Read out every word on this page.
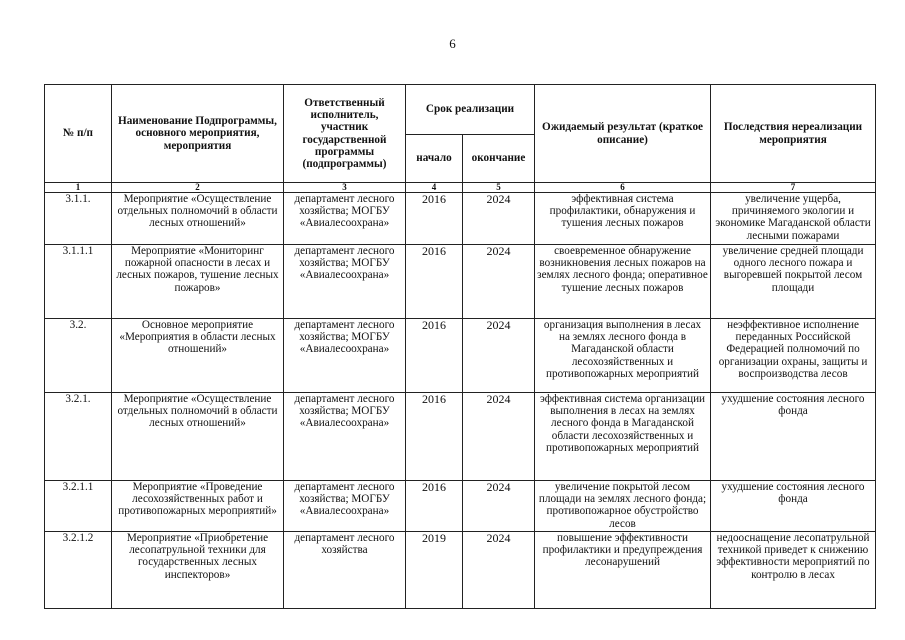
6
№ п/п	Наименование Подпрограммы, основного мероприятия, мероприятия	Ответственный исполнитель, участник государственной программы (подпрограммы)	Срок реализации		Ожидаемый результат (краткое описание)	Последствия нереализации мероприятия
			начало	окончание		
1	2	3	4	5	6	7
3.1.1.	Мероприятие «Осуществление отдельных полномочий в области лесных отношений»	департамент лесного хозяйства; МОГБУ «Авиалесоохрана»	2016	2024	эффективная система профилактики, обнаружения и тушения лесных пожаров	увеличение ущерба, причиняемого экологии и экономике Магаданской области лесными пожарами
3.1.1.1	Мероприятие «Мониторинг пожарной опасности в лесах и лесных пожаров, тушение лесных пожаров»	департамент лесного хозяйства; МОГБУ «Авиалесоохрана»	2016	2024	своевременное обнаружение возникновения лесных пожаров на землях лесного фонда; оперативное тушение лесных пожаров	увеличение средней площади одного лесного пожара и выгоревшей покрытой лесом площади
3.2.	Основное мероприятие «Мероприятия в области лесных отношений»	департамент лесного хозяйства; МОГБУ «Авиалесоохрана»	2016	2024	организация выполнения в лесах на землях лесного фонда в Магаданской области лесохозяйственных и противопожарных мероприятий	неэффективное исполнение переданных Российской Федерацией полномочий по организации охраны, защиты и воспроизводства лесов
3.2.1.	Мероприятие «Осуществление отдельных полномочий в области лесных отношений»	департамент лесного хозяйства; МОГБУ «Авиалесоохрана»	2016	2024	эффективная система организации выполнения в лесах на землях лесного фонда в Магаданской области лесохозяйственных и противопожарных мероприятий	ухудшение состояния лесного фонда
3.2.1.1	Мероприятие «Проведение лесохозяйственных работ и противопожарных мероприятий»	департамент лесного хозяйства; МОГБУ «Авиалесоохрана»	2016	2024	увеличение покрытой лесом площади на землях лесного фонда; противопожарное обустройство лесов	ухудшение состояния лесного фонда
3.2.1.2	Мероприятие «Приобретение лесопатрульной техники для государственных лесных инспекторов»	департамент лесного хозяйства	2019	2024	повышение эффективности профилактики и предупреждения лесонарушений	недооснащение лесопатрульной техникой приведет к снижению эффективности мероприятий по контролю в лесах
